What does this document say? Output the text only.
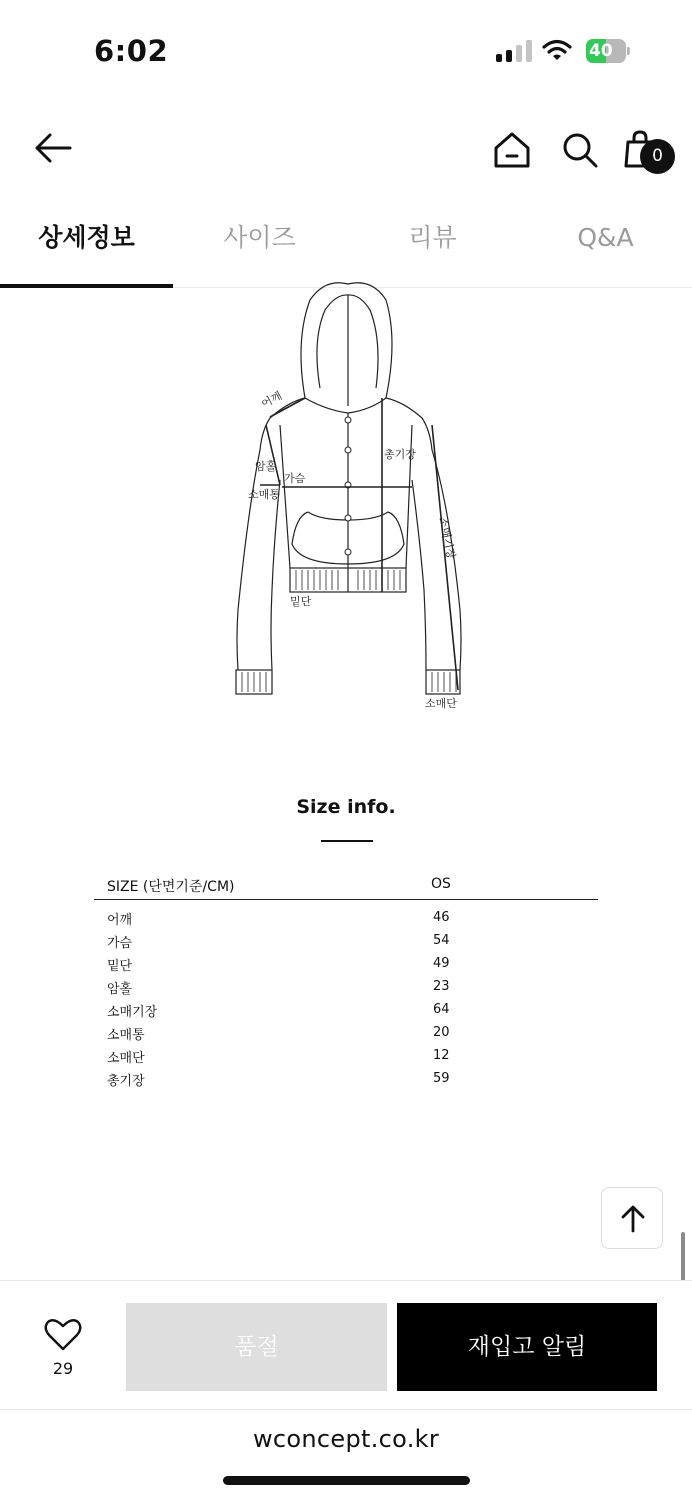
6:02	40
0
상세정보	사이즈	리뷰	Q&A
어깨
암홀
가슴
소매통
총기장
소매기장
밑단
소매단
Size info.
SIZE (단면기준/CM)	OS
어깨	46
가슴	54
밑단	49
암홀	23
소매기장	64
소매통	20
소매단	12
총기장	59
29
품절	재입고 알림
wconcept.co.kr
